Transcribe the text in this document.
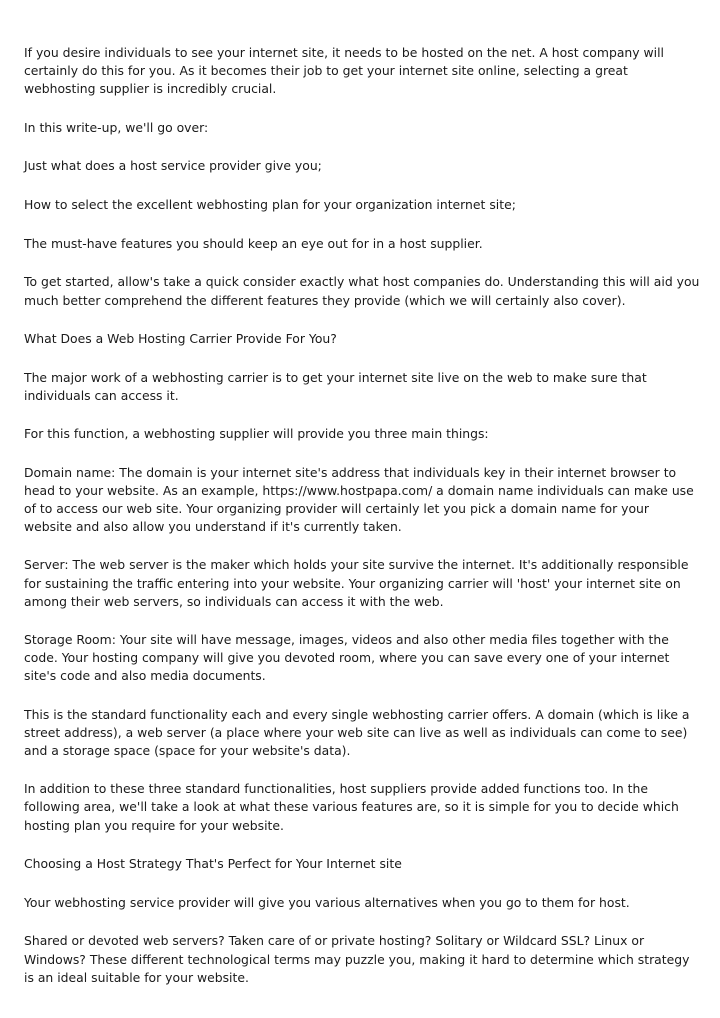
If you desire individuals to see your internet site, it needs to be hosted on the net. A host company will certainly do this for you. As it becomes their job to get your internet site online, selecting a great webhosting supplier is incredibly crucial.

In this write-up, we'll go over:

Just what does a host service provider give you;

How to select the excellent webhosting plan for your organization internet site;

The must-have features you should keep an eye out for in a host supplier.

To get started, allow's take a quick consider exactly what host companies do. Understanding this will aid you much better comprehend the different features they provide (which we will certainly also cover).

What Does a Web Hosting Carrier Provide For You?

The major work of a webhosting carrier is to get your internet site live on the web to make sure that individuals can access it.

For this function, a webhosting supplier will provide you three main things:

Domain name: The domain is your internet site's address that individuals key in their internet browser to head to your website. As an example, https://www.hostpapa.com/ a domain name individuals can make use of to access our web site. Your organizing provider will certainly let you pick a domain name for your website and also allow you understand if it's currently taken.

Server: The web server is the maker which holds your site survive the internet. It's additionally responsible for sustaining the traffic entering into your website. Your organizing carrier will 'host' your internet site on among their web servers, so individuals can access it with the web.

Storage Room: Your site will have message, images, videos and also other media files together with the code. Your hosting company will give you devoted room, where you can save every one of your internet site's code and also media documents.

This is the standard functionality each and every single webhosting carrier offers. A domain (which is like a street address), a web server (a place where your web site can live as well as individuals can come to see) and a storage space (space for your website's data).

In addition to these three standard functionalities, host suppliers provide added functions too. In the following area, we'll take a look at what these various features are, so it is simple for you to decide which hosting plan you require for your website.

Choosing a Host Strategy That's Perfect for Your Internet site

Your webhosting service provider will give you various alternatives when you go to them for host.

Shared or devoted web servers? Taken care of or private hosting? Solitary or Wildcard SSL? Linux or Windows? These different technological terms may puzzle you, making it hard to determine which strategy is an ideal suitable for your website.
